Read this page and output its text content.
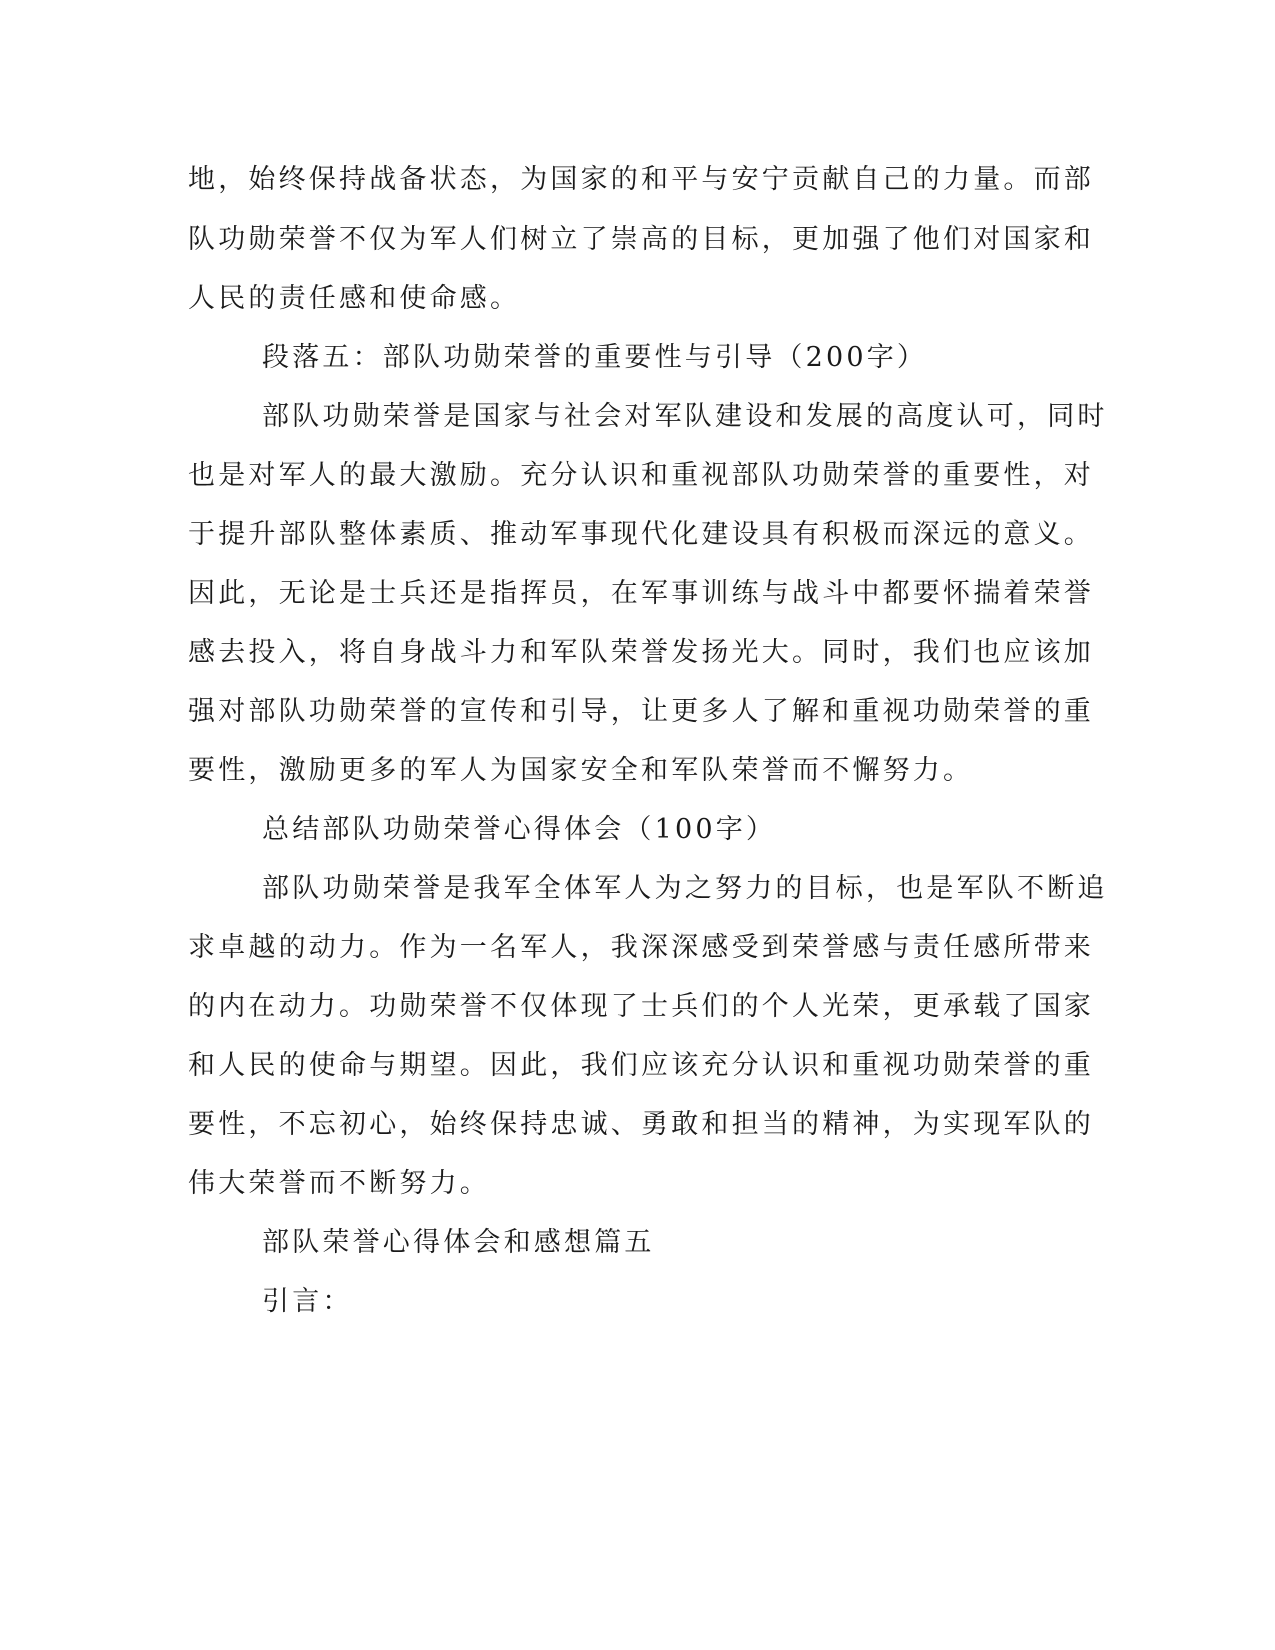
地，始终保持战备状态，为国家的和平与安宁贡献自己的力量。而部
队功勋荣誉不仅为军人们树立了崇高的目标，更加强了他们对国家和
人民的责任感和使命感。
段落五：部队功勋荣誉的重要性与引导（200字）
部队功勋荣誉是国家与社会对军队建设和发展的高度认可，同时
也是对军人的最大激励。充分认识和重视部队功勋荣誉的重要性，对
于提升部队整体素质、推动军事现代化建设具有积极而深远的意义。
因此，无论是士兵还是指挥员，在军事训练与战斗中都要怀揣着荣誉
感去投入，将自身战斗力和军队荣誉发扬光大。同时，我们也应该加
强对部队功勋荣誉的宣传和引导，让更多人了解和重视功勋荣誉的重
要性，激励更多的军人为国家安全和军队荣誉而不懈努力。
总结部队功勋荣誉心得体会（100字）
部队功勋荣誉是我军全体军人为之努力的目标，也是军队不断追
求卓越的动力。作为一名军人，我深深感受到荣誉感与责任感所带来
的内在动力。功勋荣誉不仅体现了士兵们的个人光荣，更承载了国家
和人民的使命与期望。因此，我们应该充分认识和重视功勋荣誉的重
要性，不忘初心，始终保持忠诚、勇敢和担当的精神，为实现军队的
伟大荣誉而不断努力。
部队荣誉心得体会和感想篇五
引言：
